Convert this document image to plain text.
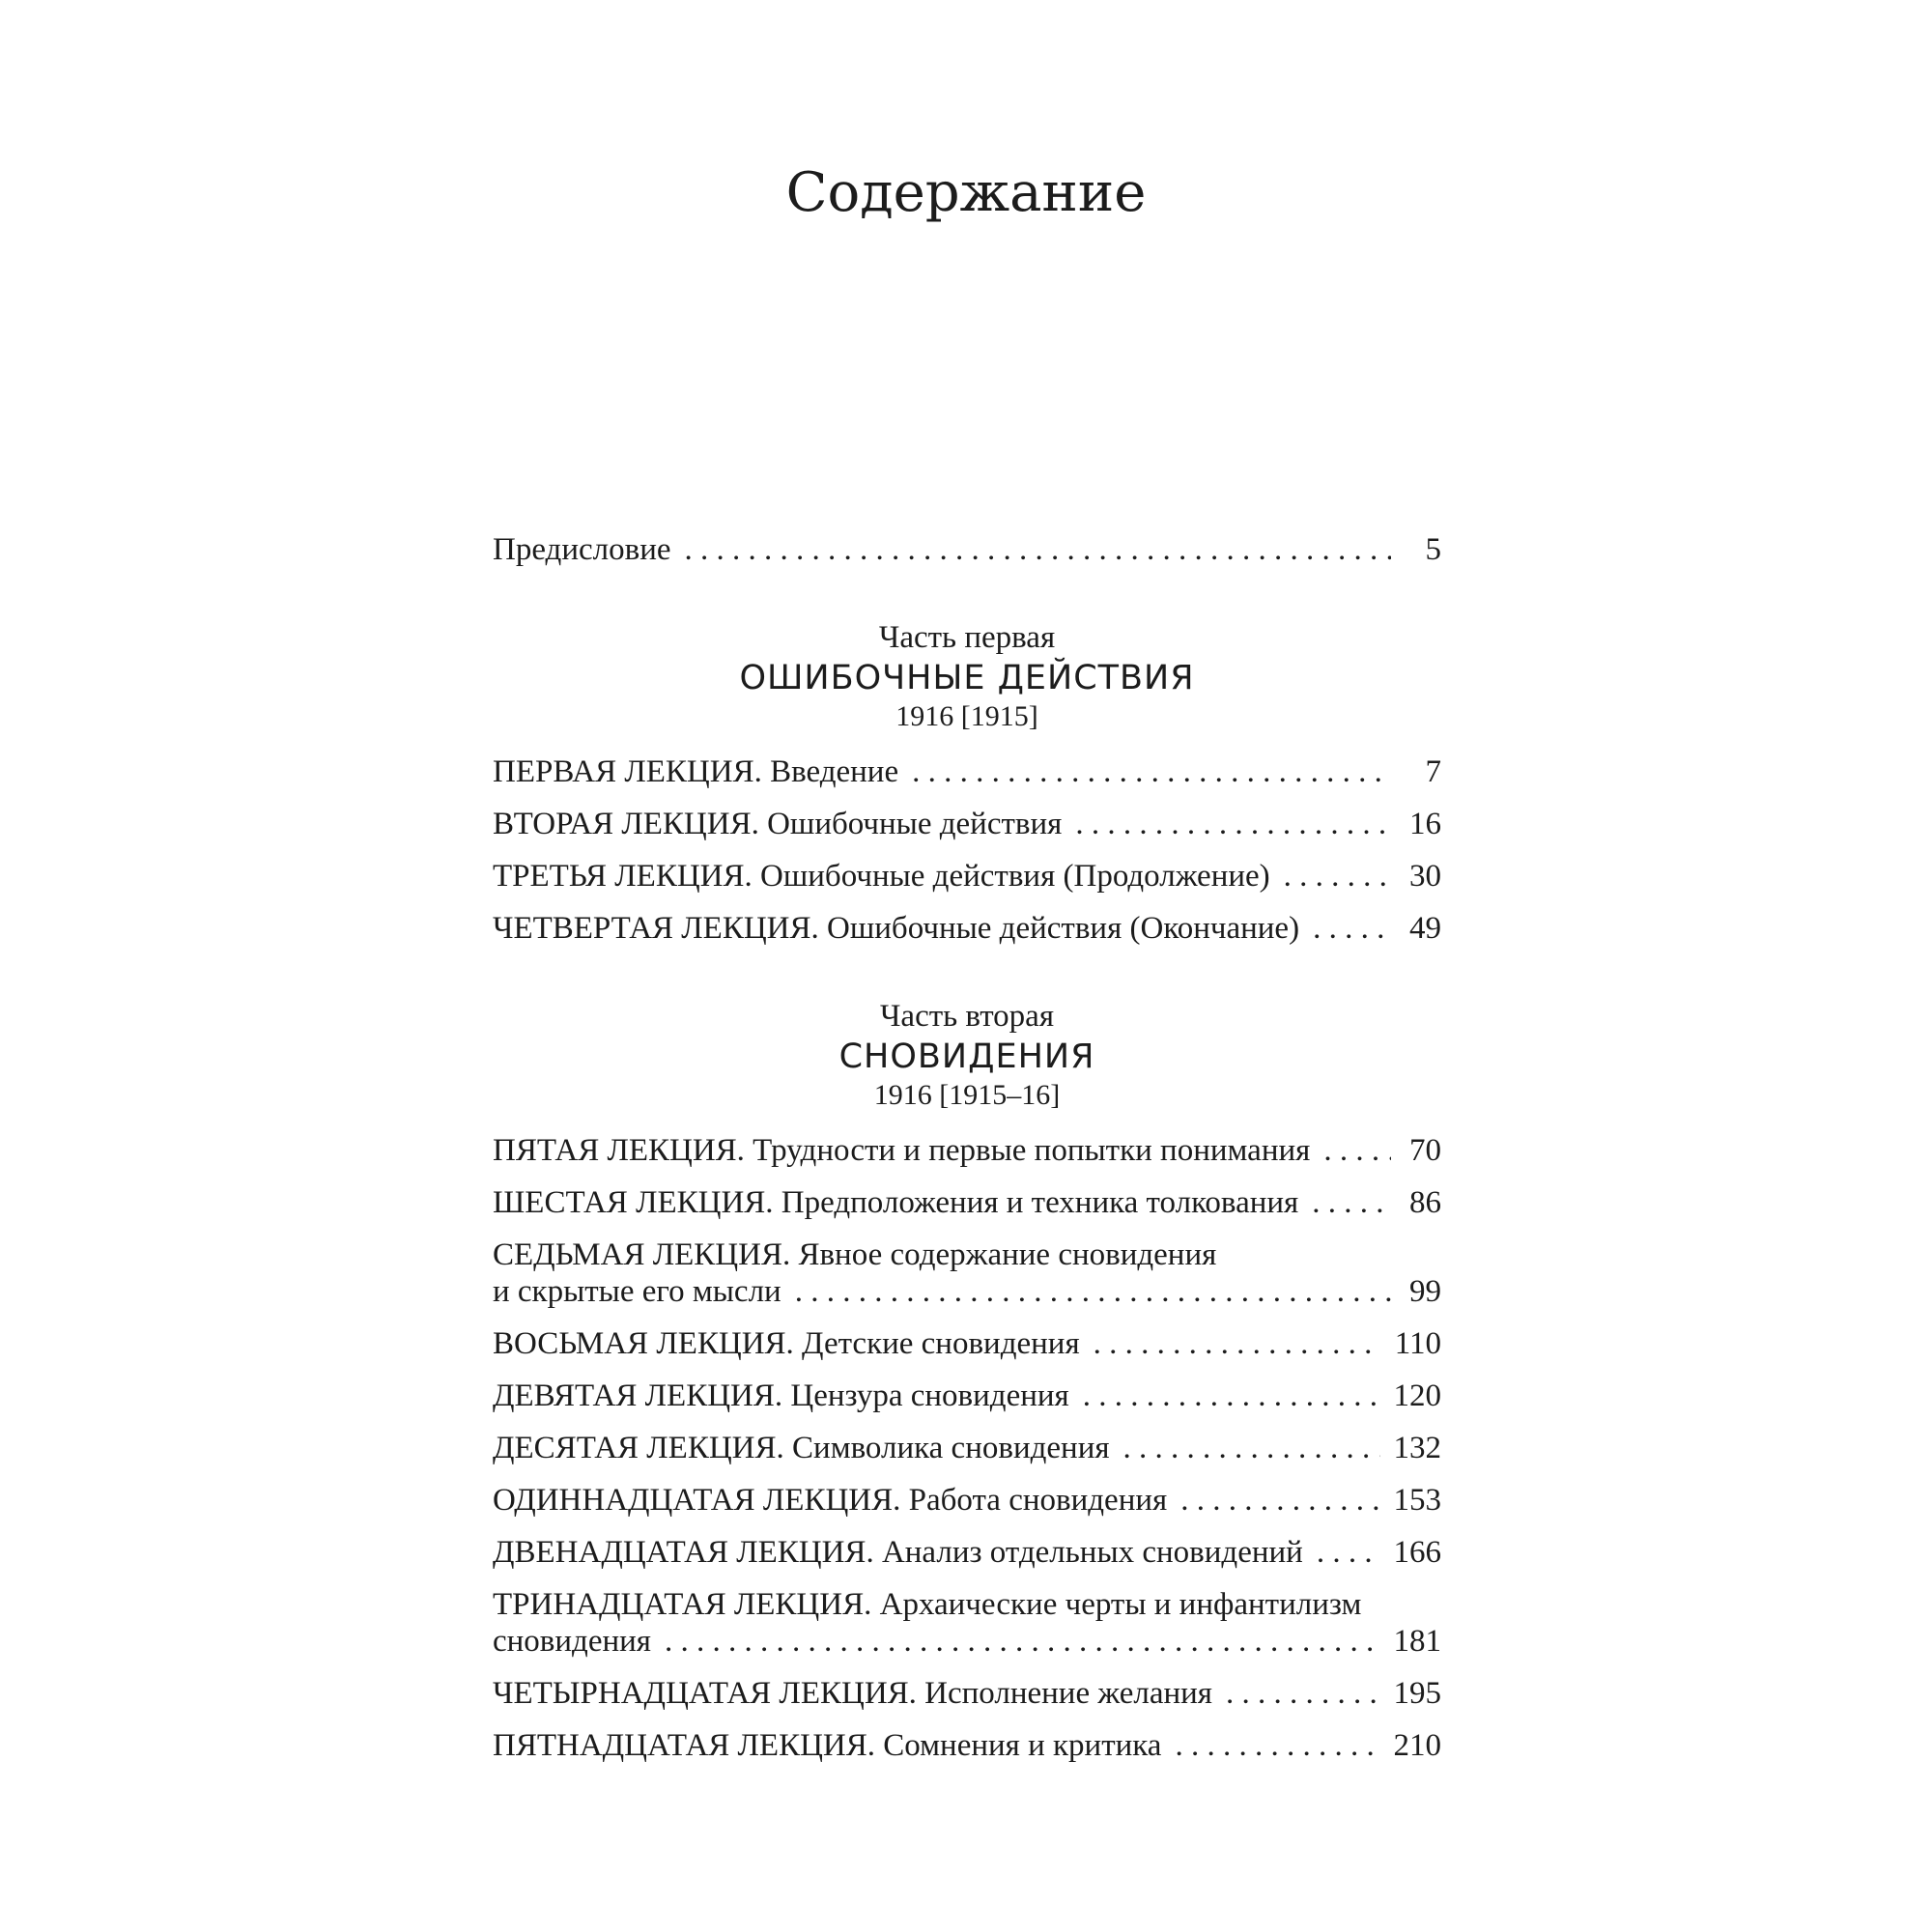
Содержание
Предисловие . . .	5
Часть первая
ОШИБОЧНЫЕ ДЕЙСТВИЯ
1916 [1915]
ПЕРВАЯ ЛЕКЦИЯ. Введение . . .	7
ВТОРАЯ ЛЕКЦИЯ. Ошибочные действия . . .	16
ТРЕТЬЯ ЛЕКЦИЯ. Ошибочные действия (Продолжение) . . .	30
ЧЕТВЕРТАЯ ЛЕКЦИЯ. Ошибочные действия (Окончание) . . .	49
Часть вторая
СНОВИДЕНИЯ
1916 [1915–16]
ПЯТАЯ ЛЕКЦИЯ. Трудности и первые попытки понимания . . .	70
ШЕСТАЯ ЛЕКЦИЯ. Предположения и техника толкования . . .	86
СЕДЬМАЯ ЛЕКЦИЯ. Явное содержание сновидения
и скрытые его мысли . . .	99
ВОСЬМАЯ ЛЕКЦИЯ. Детские сновидения . . .	110
ДЕВЯТАЯ ЛЕКЦИЯ. Цензура сновидения . . .	120
ДЕСЯТАЯ ЛЕКЦИЯ. Символика сновидения . . .	132
ОДИННАДЦАТАЯ ЛЕКЦИЯ. Работа сновидения . . .	153
ДВЕНАДЦАТАЯ ЛЕКЦИЯ. Анализ отдельных сновидений . . .	166
ТРИНАДЦАТАЯ ЛЕКЦИЯ. Архаические черты и инфантилизм
сновидения . . .	181
ЧЕТЫРНАДЦАТАЯ ЛЕКЦИЯ. Исполнение желания . . .	195
ПЯТНАДЦАТАЯ ЛЕКЦИЯ. Сомнения и критика . . .	210
